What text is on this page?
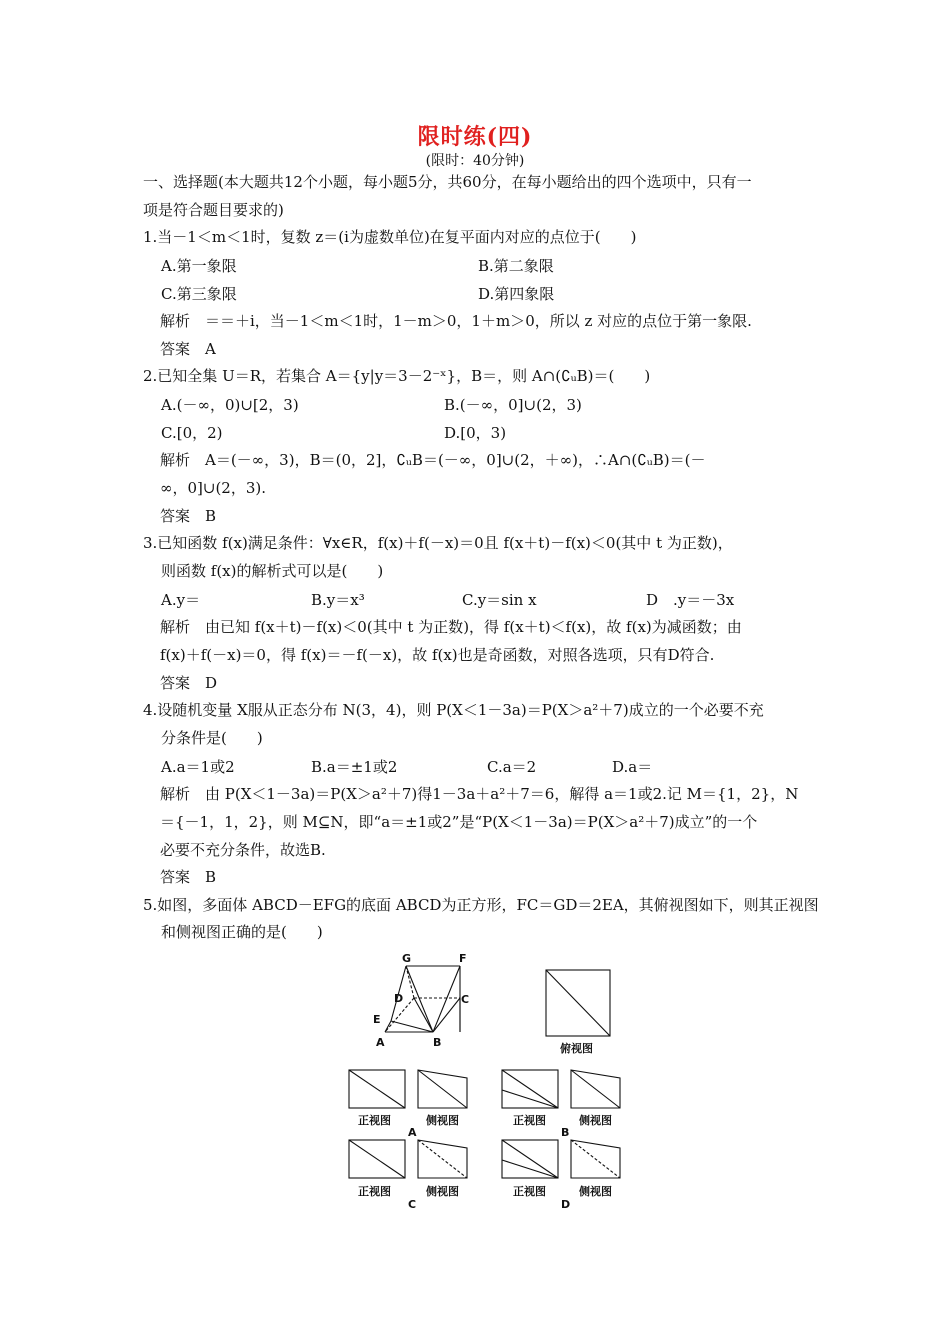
限时练(四)
(限时：40分钟)
一、选择题(本大题共12个小题，每小题5分，共60分，在每小题给出的四个选项中，只有一
项是符合题目要求的)
1.当－1＜m＜1时，复数 z＝(i为虚数单位)在复平面内对应的点位于(　　)
A.第一象限	B.第二象限
C.第三象限	D.第四象限
解析　＝＝＋i，当－1＜m＜1时，1－m＞0，1＋m＞0，所以 z 对应的点位于第一象限.
答案　A
2.已知全集 U＝R，若集合 A＝{y|y＝3－2⁻ˣ}，B＝，则 A∩(∁ᵤB)＝(　　)
A.(－∞，0)∪[2，3)	B.(－∞，0]∪(2，3)
C.[0，2)	D.[0，3)
解析　A＝(－∞，3)，B＝(0，2]，∁ᵤB＝(－∞，0]∪(2，＋∞)，∴A∩(∁ᵤB)＝(－
∞，0]∪(2，3).
答案　B
3.已知函数 f(x)满足条件：∀x∈R，f(x)＋f(－x)＝0且 f(x＋t)－f(x)＜0(其中 t 为正数)，
则函数 f(x)的解析式可以是(　　)
A.y＝	B.y＝x³	C.y＝sin x	D　.y＝－3x
解析　由已知 f(x＋t)－f(x)＜0(其中 t 为正数)，得 f(x＋t)＜f(x)，故 f(x)为减函数；由
f(x)＋f(－x)＝0，得 f(x)＝－f(－x)，故 f(x)也是奇函数，对照各选项，只有D符合.
答案　D
4.设随机变量 X服从正态分布 N(3，4)，则 P(X＜1－3a)＝P(X＞a²＋7)成立的一个必要不充
分条件是(　　)
A.a＝1或2	B.a＝±1或2	C.a＝2	D.a＝
解析　由 P(X＜1－3a)＝P(X＞a²＋7)得1－3a＋a²＋7＝6，解得 a＝1或2.记 M＝{1，2}，N
＝{－1，1，2}，则 M⊆N，即“a＝±1或2”是“P(X＜1－3a)＝P(X＞a²＋7)成立”的一个
必要不充分条件，故选B.
答案　B
5.如图，多面体 ABCD－EFG的底面 ABCD为正方形，FC＝GD＝2EA，其俯视图如下，则其正视图
和侧视图正确的是(　　)
G	F
D	C
E
A	B	俯视图
正视图	侧视图
A
正视图	侧视图
B
正视图	侧视图
C
正视图	侧视图
D
